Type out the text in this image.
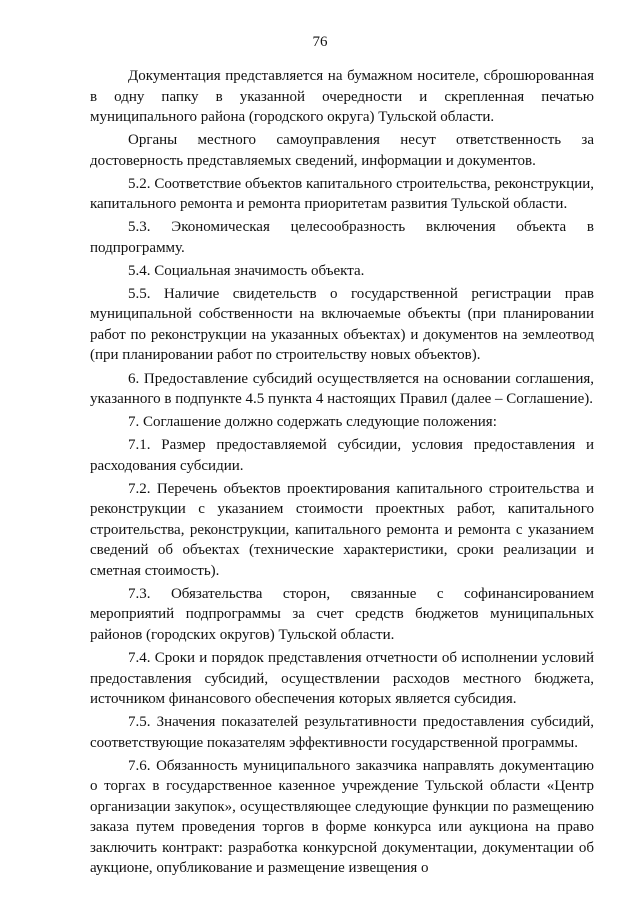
76

Документация представляется на бумажном носителе, сброшюрованная в одну папку в указанной очередности и скрепленная печатью муниципального района (городского округа) Тульской области.

Органы местного самоуправления несут ответственность за достоверность представляемых сведений, информации и документов.

5.2. Соответствие объектов капитального строительства, реконструкции, капитального ремонта и ремонта приоритетам развития Тульской области.

5.3. Экономическая целесообразность включения объекта в подпрограмму.

5.4. Социальная значимость объекта.

5.5. Наличие свидетельств о государственной регистрации прав муниципальной собственности на включаемые объекты (при планировании работ по реконструкции на указанных объектах) и документов на землеотвод (при планировании работ по строительству новых объектов).

6. Предоставление субсидий осуществляется на основании соглашения, указанного в подпункте 4.5 пункта 4 настоящих Правил (далее – Соглашение).

7. Соглашение должно содержать следующие положения:

7.1. Размер предоставляемой субсидии, условия предоставления и расходования субсидии.

7.2. Перечень объектов проектирования капитального строительства и реконструкции с указанием стоимости проектных работ, капитального строительства, реконструкции, капитального ремонта и ремонта с указанием сведений об объектах (технические характеристики, сроки реализации и сметная стоимость).

7.3. Обязательства сторон, связанные с софинансированием мероприятий подпрограммы за счет средств бюджетов муниципальных районов (городских округов) Тульской области.

7.4. Сроки и порядок представления отчетности об исполнении условий предоставления субсидий, осуществлении расходов местного бюджета, источником финансового обеспечения которых является субсидия.

7.5. Значения показателей результативности предоставления субсидий, соответствующие показателям эффективности государственной программы.

7.6. Обязанность муниципального заказчика направлять документацию о торгах в государственное казенное учреждение Тульской области «Центр организации закупок», осуществляющее следующие функции по размещению заказа путем проведения торгов в форме конкурса или аукциона на право заключить контракт: разработка конкурсной документации, документации об аукционе, опубликование и размещение извещения о
